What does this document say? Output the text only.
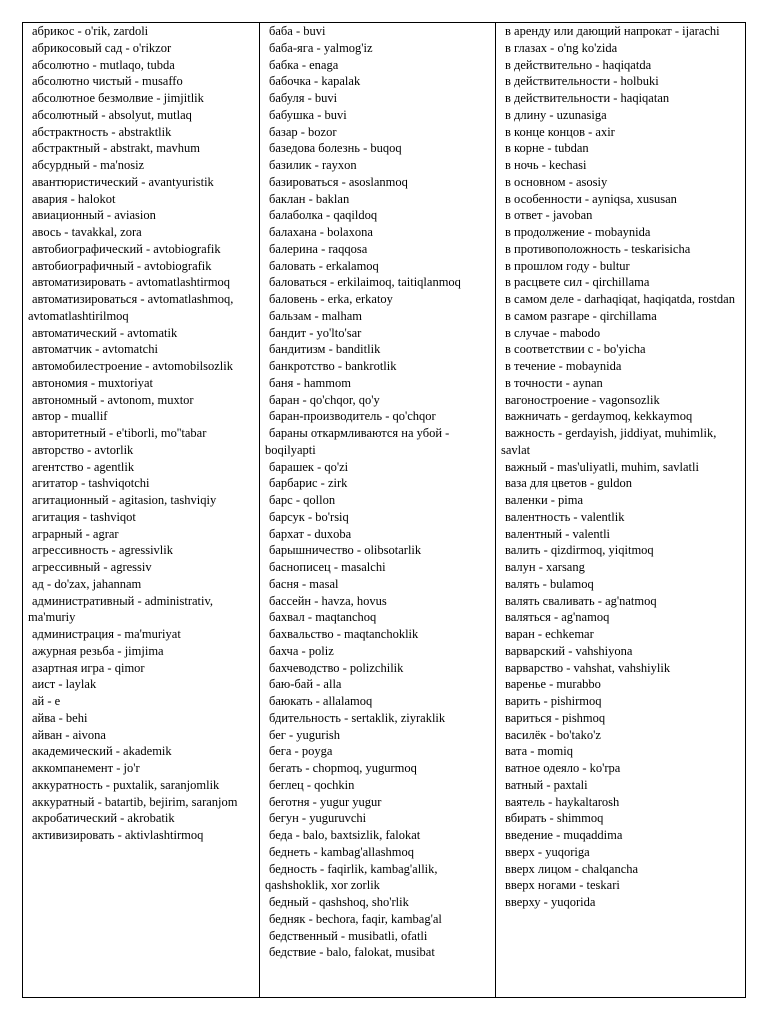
абрикос - o'rik, zardoli

абрикосовый сад - o'rikzor

абсолютно - mutlaqo, tubda

абсолютно чистый - musaffo

абсолютное безмолвие - jimjitlik

абсолютный - absolyut, mutlaq

абстрактность - abstraktlik

абстрактный - abstrakt, mavhum

абсурдный - ma'nosiz

авантюристический - avantyuristik

авария - halokot

авиационный - aviasion

авось - tavakkal, zora

автобиографический - avtobiografik

автобиографичный - avtobiografik

автоматизировать - avtomatlashtirmoq

автоматизироваться - avtomatlashmoq, avtomatlashtirilmoq

автоматический - avtomatik

автоматчик - avtomatchi

автомобилестроение - avtomobilsozlik

автономия - muxtoriyat

автономный - avtonom, muxtor

автор - muallif

авторитетный - e'tiborli, mo''tabar

авторство - avtorlik

агентство - agentlik

агитатор - tashviqotchi

агитационный - agitasion, tashviqiy

агитация - tashviqot

аграрный - agrar

агрессивность - agressivlik

агрессивный - agressiv

ад - do'zax, jahannam

административный - administrativ, ma'muriy

администрация - ma'muriyat

ажурная резьба - jimjima

азартная игра - qimor

аист - laylak

ай - e

айва - behi

айван - aivona

академический - akademik

аккомпанемент - jo'r

аккуратность - puxtalik, saranjomlik

аккуратный - batartib, bejirim, saranjom

акробатический - akrobatik

активизировать - aktivlashtirmoq

баба - buvi

баба-яга - yalmog'iz

бабка - enaga

бабочка - kapalak

бабуля - buvi

бабушка - buvi

базар - bozor

базедова болезнь - buqoq

базилик - rayxon

базироваться - asoslanmoq

баклан - baklan

балаболка - qaqildoq

балахана - bolaxona

балерина - raqqosa

баловать - erkalamoq

баловаться - erkilaimoq, taitiqlanmoq

баловень - erka, erkatoy

бальзам - malham

бандит - yo'lto'sar

бандитизм - banditlik

банкротство - bankrotlik

баня - hammom

баран - qo'chqor, qo'y

баран-производитель - qo'chqor

бараны откармливаются на убой - boqilyapti

барашек - qo'zi

барбарис - zirk

барс - qollon

барсук - bo'rsiq

бархат - duxoba

барышничество - olibsotarlik

баснописец - masalchi

басня - masal

бассейн - havza, hovus

бахвал - maqtanchoq

бахвальство - maqtanchoklik

бахча - poliz

бахчеводство - polizchilik

баю-бай - alla

баюкать - allalamoq

бдительность - sertaklik, ziyraklik

бег - yugurish

бега - poyga

бегать - chopmoq, yugurmoq

беглец - qochkin

беготня - yugur yugur

бегун - yuguruvchi

беда - balo, baxtsizlik, falokat

беднеть - kambag'allashmoq

бедность - faqirlik, kambag'allik, qashshoklik, xor zorlik

бедный - qashshoq, sho'rlik

бедняк - bechora, faqir, kambag'al

бедственный - musibatli, ofatli

бедствие - balo, falokat, musibat

в аренду или дающий напрокат - ijarachi

в глазах - o'ng ko'zida

в действительно - haqiqatda

в действительности - holbuki

в действительности - haqiqatan

в длину - uzunasiga

в конце концов - axir

в корне - tubdan

в ночь - kechasi

в основном - asosiy

в особенности - ayniqsa, xususan

в ответ - javoban

в продолжение - mobaynida

в противоположность - teskarisicha

в прошлом году - bultur

в расцвете сил - qirchillama

в самом деле - darhaqiqat, haqiqatda, rostdan

в самом разгаре - qirchillama

в случае - mabodo

в соответствии с - bo'yicha

в течение - mobaynida

в точности - aynan

вагоностроение - vagonsozlik

важничать - gerdaymoq, kekkaymoq

важность - gerdayish, jiddiyat, muhimlik, savlat

важный - mas'uliyatli, muhim, savlatli

ваза для цветов - guldon

валенки - pima

валентность - valentlik

валентный - valentli

валить - qizdirmoq, yiqitmoq

валун - xarsang

валять - bulamoq

валять сваливать - ag'natmoq

валяться - ag'namoq

варан - echkemar

варварский - vahshiyona

варварство - vahshat, vahshiylik

варенье - murabbo

варить - pishirmoq

вариться - pishmoq

василёк - bo'tako'z

вата - momiq

ватное одеяло - ko'rpa

ватный - paxtali

ваятель - haykaltarosh

вбирать - shimmoq

введение - muqaddima

вверх - yuqoriga

вверх лицом - chalqancha

вверх ногами - teskari

вверху - yuqorida
